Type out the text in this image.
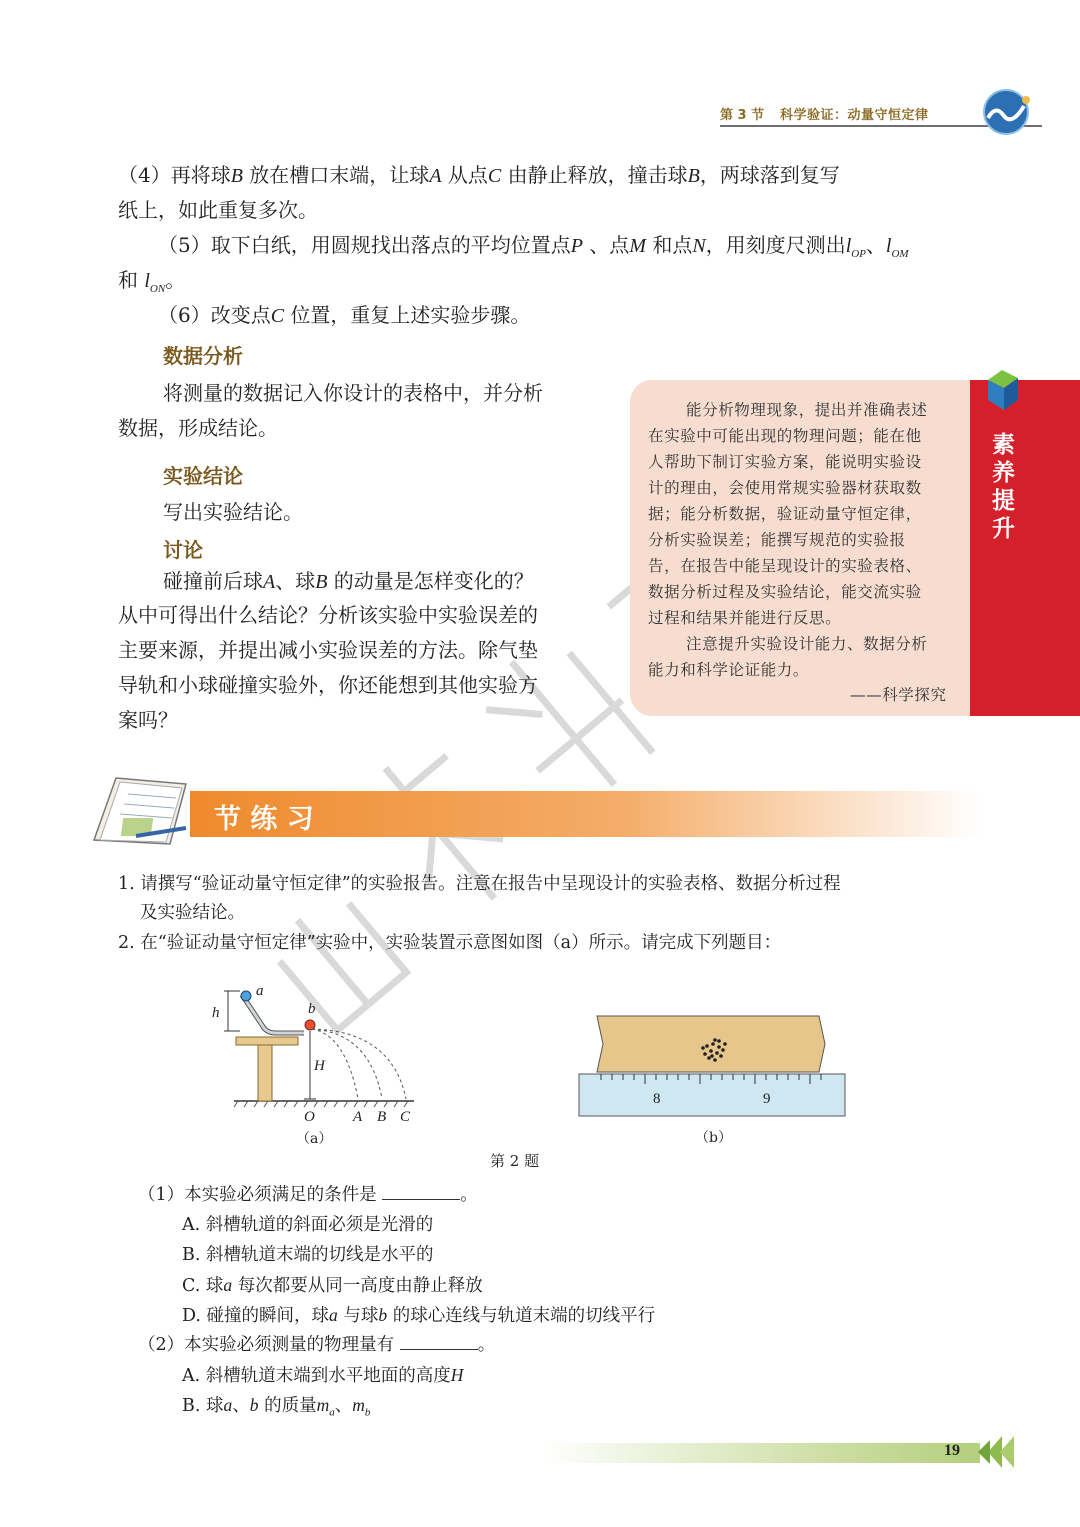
第 3 节 科学验证：动量守恒定律
（4）再将球B 放在槽口末端，让球A 从点C 由静止释放，撞击球B，两球落到复写
纸上，如此重复多次。
（5）取下白纸，用圆规找出落点的平均位置点P 、点M 和点N，用刻度尺测出$l_{OP}$、$l_{OM}$
和 $l_{ON}$。
（6）改变点C 位置，重复上述实验步骤。
数据分析
将测量的数据记入你设计的表格中，并分析
数据，形成结论。
实验结论
写出实验结论。
讨论
碰撞前后球A、球B 的动量是怎样变化的？
从中可得出什么结论？分析该实验中实验误差的
主要来源，并提出减小实验误差的方法。除气垫
导轨和小球碰撞实验外，你还能想到其他实验方
案吗？
能分析物理现象，提出并准确表述
在实验中可能出现的物理问题；能在他
人帮助下制订实验方案，能说明实验设
计的理由，会使用常规实验器材获取数
据；能分析数据，验证动量守恒定律，
分析实验误差；能撰写规范的实验报
告，在报告中能呈现设计的实验表格、
数据分析过程及实验结论，能交流实验
过程和结果并能进行反思。
注意提升实验设计能力、数据分析
能力和科学论证能力。
——科学探究
素
养
提
升
节 练 习
1. 请撰写“验证动量守恒定律”的实验报告。注意在报告中呈现设计的实验表格、数据分析过程
及实验结论。
2. 在“验证动量守恒定律”实验中，实验装置示意图如图（a）所示。请完成下列题目：
h
a
b
H
O	A B C
（a）
8	9
（b）
第 2 题
（1）本实验必须满足的条件是	。
A. 斜槽轨道的斜面必须是光滑的
B. 斜槽轨道末端的切线是水平的
C. 球a 每次都要从同一高度由静止释放
D. 碰撞的瞬间，球a 与球b 的球心连线与轨道末端的切线平行
（2）本实验必须测量的物理量有	。
A. 斜槽轨道末端到水平地面的高度H
B. 球a、b 的质量$m_a$、$m_b$
19
